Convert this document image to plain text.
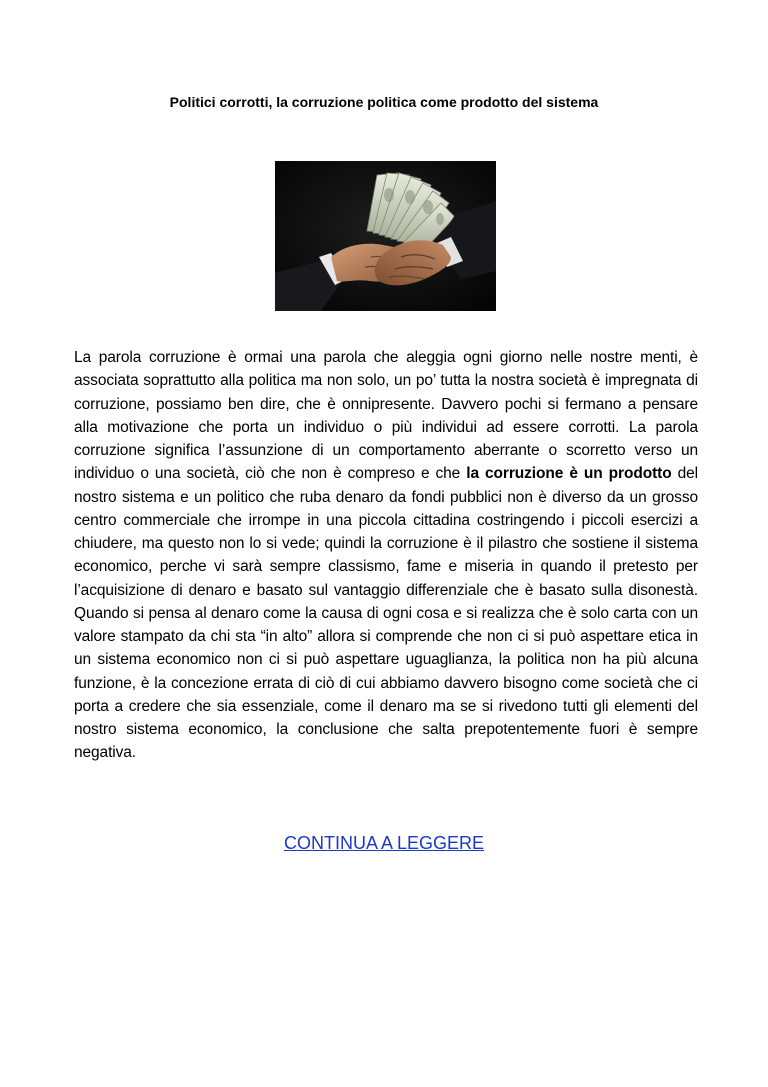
Politici corrotti, la corruzione politica come prodotto del sistema

La parola corruzione è ormai una parola che aleggia ogni giorno nelle nostre menti, è associata soprattutto alla politica ma non solo, un po’ tutta la nostra società è impregnata di corruzione, possiamo ben dire, che è onnipresente. Davvero pochi si fermano a pensare alla motivazione che porta un individuo o più individui ad essere corrotti. La parola corruzione significa l’assunzione di un comportamento aberrante o scorretto verso un individuo o una società, ciò che non è compreso e che la corruzione è un prodotto del nostro sistema e un politico che ruba denaro da fondi pubblici non è diverso da un grosso centro commerciale che irrompe in una piccola cittadina costringendo i piccoli esercizi a chiudere, ma questo non lo si vede; quindi la corruzione è il pilastro che sostiene il sistema economico, perche vi sarà sempre classismo, fame e miseria in quando il pretesto per l’acquisizione di denaro e basato sul vantaggio differenziale che è basato sulla disonestà. Quando si pensa al denaro come la causa di ogni cosa e si realizza che è solo carta con un valore stampato da chi sta “in alto” allora si comprende che non ci si può aspettare etica in un sistema economico non ci si può aspettare uguaglianza, la politica non ha più alcuna funzione, è la concezione errata di ciò di cui abbiamo davvero bisogno come società che ci porta a credere che sia essenziale, come il denaro ma se si rivedono tutti gli elementi del nostro sistema economico, la conclusione che salta prepotentemente fuori è sempre negativa.

CONTINUA A LEGGERE
